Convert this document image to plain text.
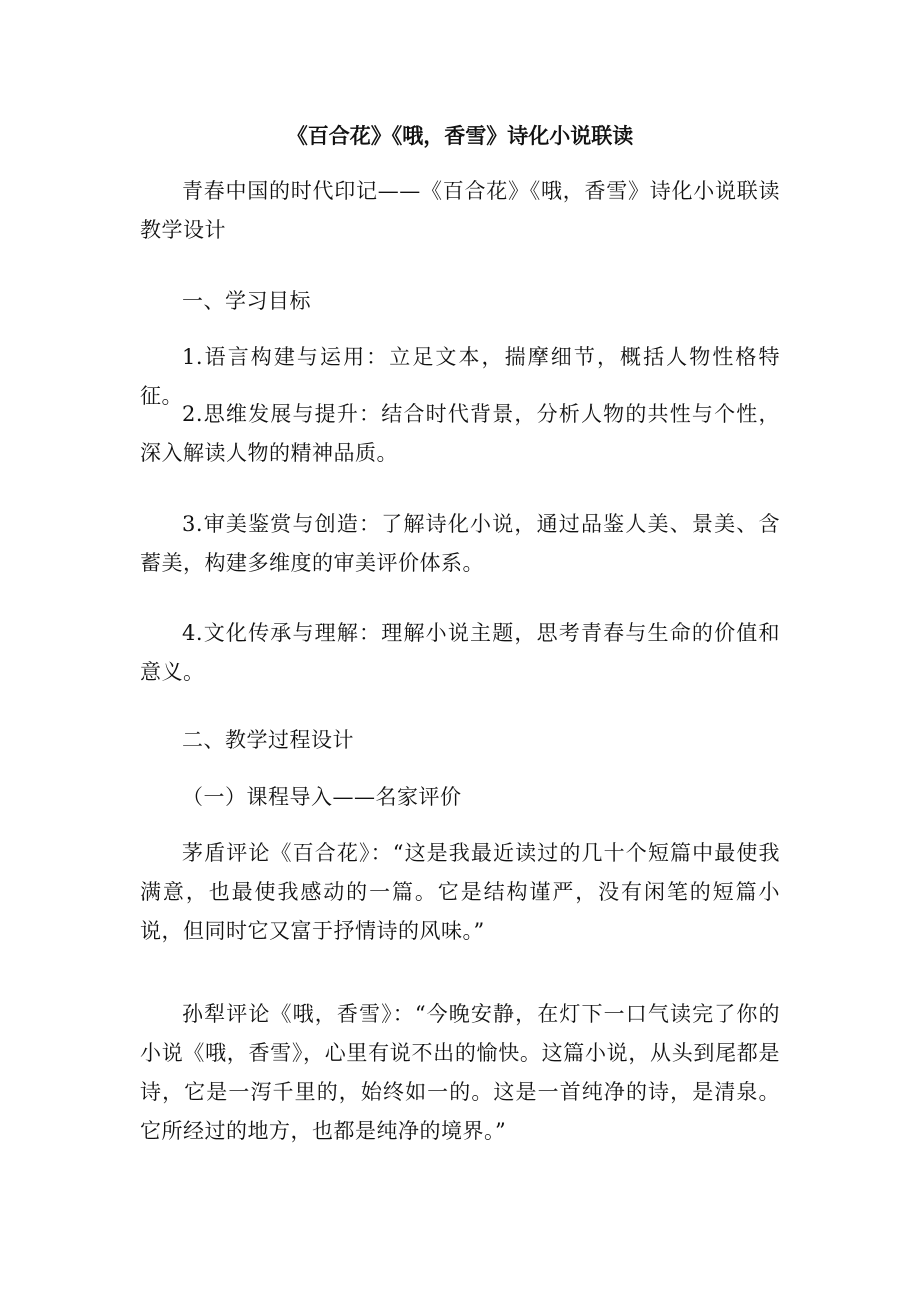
《百合花》《哦，香雪》诗化小说联读

青春中国的时代印记——《百合花》《哦，香雪》诗化小说联读教学设计

一、学习目标

1.语言构建与运用：立足文本，揣摩细节，概括人物性格特征。

2.思维发展与提升：结合时代背景，分析人物的共性与个性，深入解读人物的精神品质。

3.审美鉴赏与创造：了解诗化小说，通过品鉴人美、景美、含蓄美，构建多维度的审美评价体系。

4.文化传承与理解：理解小说主题，思考青春与生命的价值和意义。

二、教学过程设计

（一）课程导入——名家评价

茅盾评论《百合花》：“这是我最近读过的几十个短篇中最使我满意，也最使我感动的一篇。它是结构谨严，没有闲笔的短篇小说，但同时它又富于抒情诗的风味。”

孙犁评论《哦，香雪》：“今晚安静，在灯下一口气读完了你的小说《哦，香雪》，心里有说不出的愉快。这篇小说，从头到尾都是诗，它是一泻千里的，始终如一的。这是一首纯净的诗，是清泉。它所经过的地方，也都是纯净的境界。”
